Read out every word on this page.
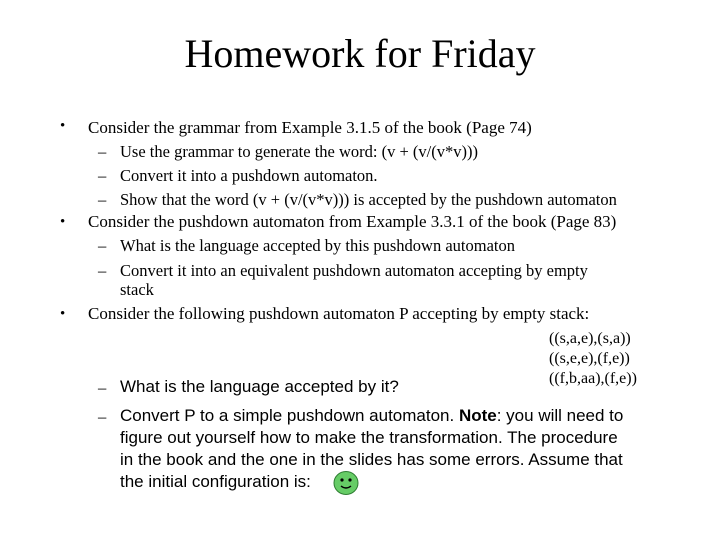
Homework for Friday
• Consider the grammar from Example 3.1.5 of the book (Page 74)
– Use the grammar to generate the word: (v + (v/(v*v)))
– Convert it into a pushdown automaton.
– Show that the word (v + (v/(v*v))) is accepted by the pushdown automaton
• Consider the pushdown automaton from Example 3.3.1 of the book (Page 83)
– What is the language accepted by this pushdown automaton
– Convert it into an equivalent pushdown automaton accepting by empty
stack
• Consider the following pushdown automaton P accepting by empty stack:
((s,a,e),(s,a))
((s,e,e),(f,e))
((f,b,aa),(f,e))
– What is the language accepted by it?
– Convert P to a simple pushdown automaton. Note: you will need to
figure out yourself how to make the transformation. The procedure
in the book and the one in the slides has some errors. Assume that
the initial configuration is:
